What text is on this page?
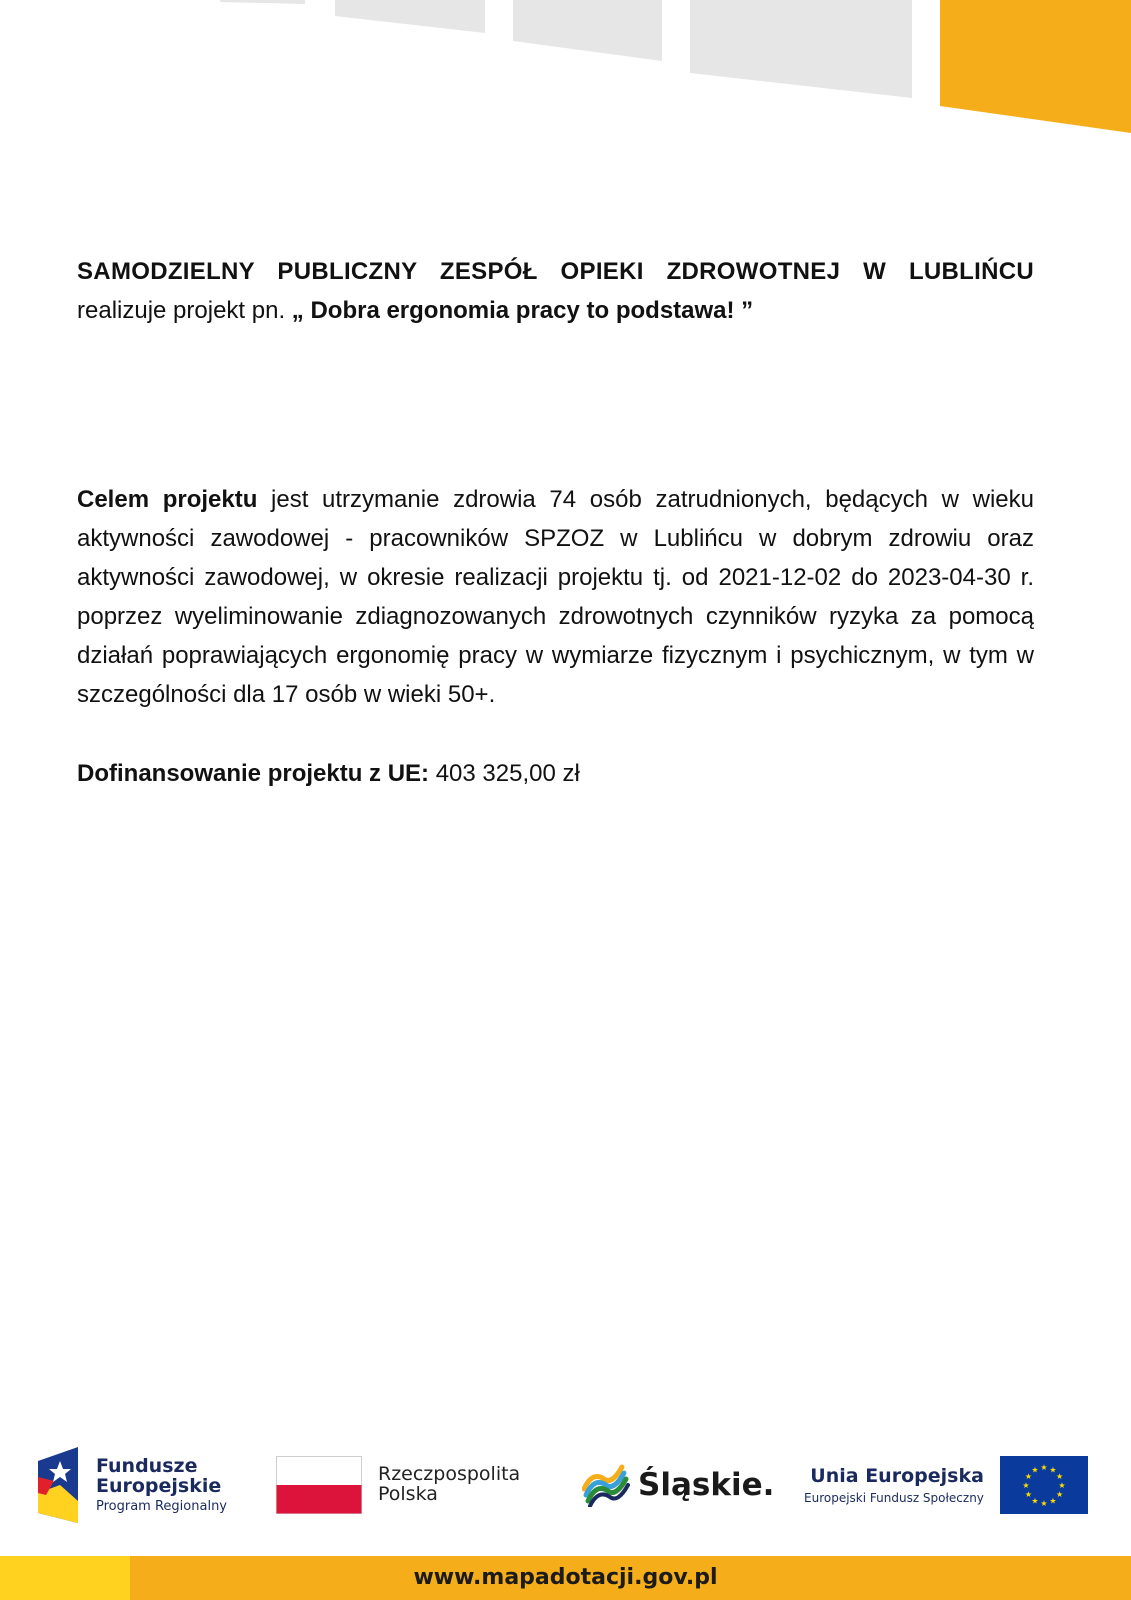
SAMODZIELNY PUBLICZNY ZESPÓŁ OPIEKI ZDROWOTNEJ W LUBLIŃCU

realizuje projekt pn. „ Dobra ergonomia pracy to podstawa! ”

Celem projektu jest utrzymanie zdrowia 74 osób zatrudnionych, będących w wieku aktywności zawodowej - pracowników SPZOZ w Lublińcu w dobrym zdrowiu oraz aktywności zawodowej, w okresie realizacji projektu tj. od 2021-12-02 do 2023-04-30 r. poprzez wyeliminowanie zdiagnozowanych zdrowotnych czynników ryzyka za pomocą działań poprawiających ergonomię pracy w wymiarze fizycznym i psychicznym, w tym w szczególności dla 17 osób w wieki 50+.

Dofinansowanie projektu z UE: 403 325,00 zł

Fundusze
Europejskie
Program Regionalny
Rzeczpospolita
Polska	Śląskie.	Unia Europejska
Europejski Fundusz Społeczny
★ ★
★
★
★
★
★
★
★
★
★
★
www.mapadotacji.gov.pl
